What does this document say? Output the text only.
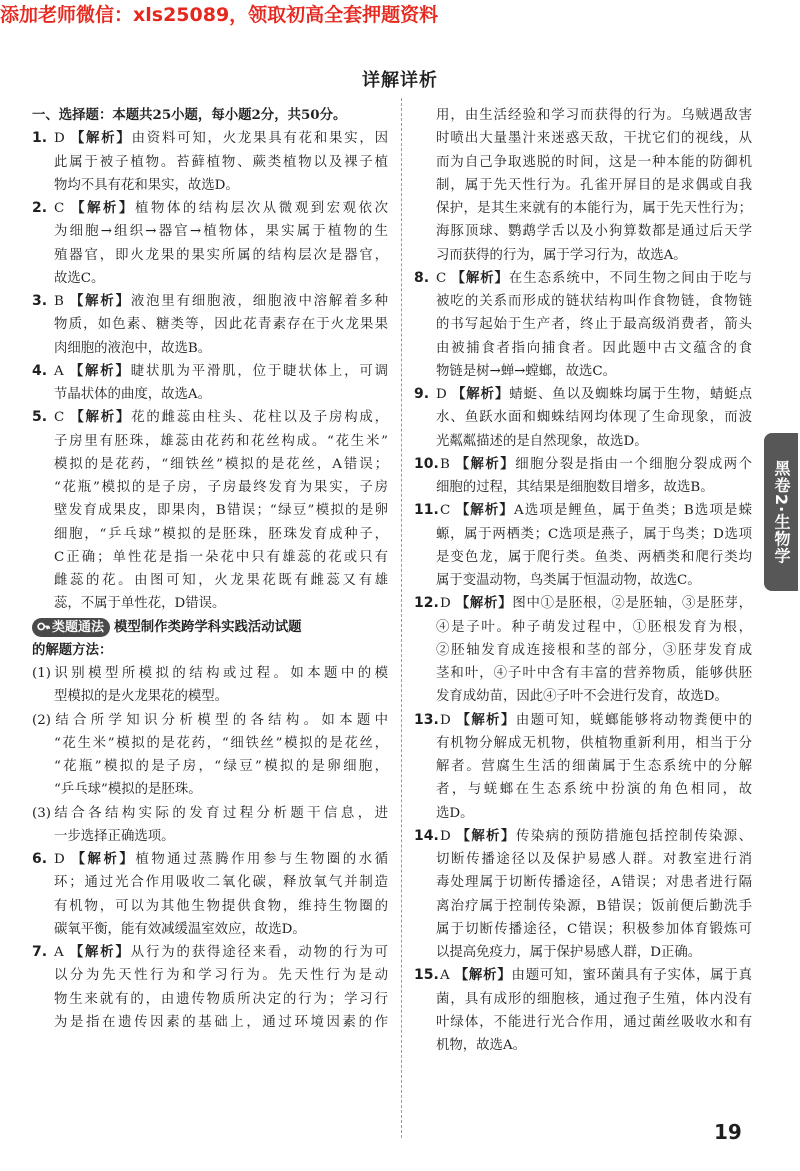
添加老师微信：xls25089，领取初高全套押题资料
详解详析
一、选择题：本题共25小题，每小题2分，共50分。
1. D 【解析】由资料可知，火龙果具有花和果实，因
此属于被子植物。苔藓植物、蕨类植物以及裸子植
物均不具有花和果实，故选D。
2. C 【解析】植物体的结构层次从微观到宏观依次
为细胞→组织→器官→植物体，果实属于植物的生
殖器官，即火龙果的果实所属的结构层次是器官，
故选C。
3. B 【解析】液泡里有细胞液，细胞液中溶解着多种
物质，如色素、糖类等，因此花青素存在于火龙果果
肉细胞的液泡中，故选B。
4. A 【解析】睫状肌为平滑肌，位于睫状体上，可调
节晶状体的曲度，故选A。
5. C 【解析】花的雌蕊由柱头、花柱以及子房构成，
子房里有胚珠，雄蕊由花药和花丝构成。“花生米”
模拟的是花药，“细铁丝”模拟的是花丝，A错误；
“花瓶”模拟的是子房，子房最终发育为果实，子房
壁发育成果皮，即果肉，B错误；“绿豆”模拟的是卵
细胞，“乒乓球”模拟的是胚珠，胚珠发育成种子，
C正确；单性花是指一朵花中只有雄蕊的花或只有
雌蕊的花。由图可知，火龙果花既有雌蕊又有雄
蕊，不属于单性花，D错误。
类题通法 模型制作类跨学科实践活动试题
的解题方法：
(1)识别模型所模拟的结构或过程。如本题中的模
型模拟的是火龙果花的模型。
(2)结合所学知识分析模型的各结构。如本题中
“花生米”模拟的是花药，“细铁丝”模拟的是花丝，
“花瓶”模拟的是子房，“绿豆”模拟的是卵细胞，
“乒乓球”模拟的是胚珠。
(3)结合各结构实际的发育过程分析题干信息，进
一步选择正确选项。
6. D 【解析】植物通过蒸腾作用参与生物圈的水循
环；通过光合作用吸收二氧化碳，释放氧气并制造
有机物，可以为其他生物提供食物，维持生物圈的
碳氧平衡，能有效减缓温室效应，故选D。
7. A 【解析】从行为的获得途径来看，动物的行为可
以分为先天性行为和学习行为。先天性行为是动
物生来就有的，由遗传物质所决定的行为；学习行
为是指在遗传因素的基础上，通过环境因素的作
用，由生活经验和学习而获得的行为。乌贼遇敌害
时喷出大量墨汁来迷惑天敌，干扰它们的视线，从
而为自己争取逃脱的时间，这是一种本能的防御机
制，属于先天性行为。孔雀开屏目的是求偶或自我
保护，是其生来就有的本能行为，属于先天性行为；
海豚顶球、鹦鹉学舌以及小狗算数都是通过后天学
习而获得的行为，属于学习行为，故选A。
8. C 【解析】在生态系统中，不同生物之间由于吃与
被吃的关系而形成的链状结构叫作食物链，食物链
的书写起始于生产者，终止于最高级消费者，箭头
由被捕食者指向捕食者。因此题中古文蕴含的食
物链是树→蝉→螳螂，故选C。
9. D 【解析】蜻蜓、鱼以及蜘蛛均属于生物，蜻蜓点
水、鱼跃水面和蜘蛛结网均体现了生命现象，而波
光粼粼描述的是自然现象，故选D。
10.B 【解析】细胞分裂是指由一个细胞分裂成两个
细胞的过程，其结果是细胞数目增多，故选B。
11.C 【解析】A选项是鲤鱼，属于鱼类；B选项是蝾
螈，属于两栖类；C选项是燕子，属于鸟类；D选项
是变色龙，属于爬行类。鱼类、两栖类和爬行类均
属于变温动物，鸟类属于恒温动物，故选C。
12.D 【解析】图中①是胚根，②是胚轴，③是胚芽，
④是子叶。种子萌发过程中，①胚根发育为根，
②胚轴发育成连接根和茎的部分，③胚芽发育成
茎和叶，④子叶中含有丰富的营养物质，能够供胚
发育成幼苗，因此④子叶不会进行发育，故选D。
13.D 【解析】由题可知，蜣螂能够将动物粪便中的
有机物分解成无机物，供植物重新利用，相当于分
解者。营腐生生活的细菌属于生态系统中的分解
者，与蜣螂在生态系统中扮演的角色相同，故
选D。
14.D 【解析】传染病的预防措施包括控制传染源、
切断传播途径以及保护易感人群。对教室进行消
毒处理属于切断传播途径，A错误；对患者进行隔
离治疗属于控制传染源，B错误；饭前便后勤洗手
属于切断传播途径，C错误；积极参加体育锻炼可
以提高免疫力，属于保护易感人群，D正确。
15.A 【解析】由题可知，蜜环菌具有子实体，属于真
菌，具有成形的细胞核，通过孢子生殖，体内没有
叶绿体，不能进行光合作用，通过菌丝吸收水和有
机物，故选A。
黑卷2·生物学
19
